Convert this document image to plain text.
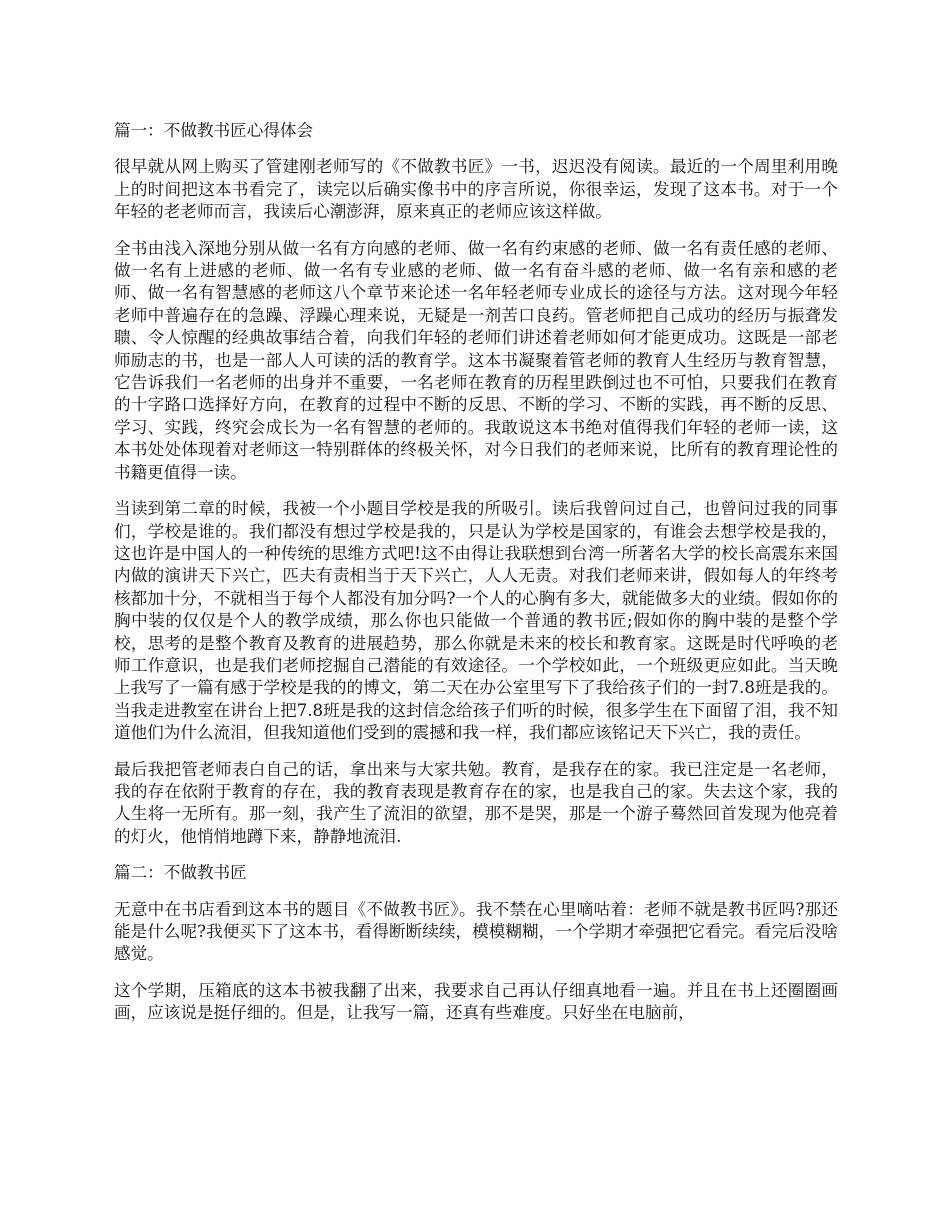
篇一：不做教书匠心得体会

很早就从网上购买了管建刚老师写的《不做教书匠》一书，迟迟没有阅读。最近的一个周里利用晚上的时间把这本书看完了，读完以后确实像书中的序言所说，你很幸运，发现了这本书。对于一个年轻的老老师而言，我读后心潮澎湃，原来真正的老师应该这样做。

全书由浅入深地分别从做一名有方向感的老师、做一名有约束感的老师、做一名有责任感的老师、做一名有上进感的老师、做一名有专业感的老师、做一名有奋斗感的老师、做一名有亲和感的老师、做一名有智慧感的老师这八个章节来论述一名年轻老师专业成长的途径与方法。这对现今年轻老师中普遍存在的急躁、浮躁心理来说，无疑是一剂苦口良药。管老师把自己成功的经历与振聋发聩、令人惊醒的经典故事结合着，向我们年轻的老师们讲述着老师如何才能更成功。这既是一部老师励志的书，也是一部人人可读的活的教育学。这本书凝聚着管老师的教育人生经历与教育智慧，它告诉我们一名老师的出身并不重要，一名老师在教育的历程里跌倒过也不可怕，只要我们在教育的十字路口选择好方向，在教育的过程中不断的反思、不断的学习、不断的实践，再不断的反思、学习、实践，终究会成长为一名有智慧的老师的。我敢说这本书绝对值得我们年轻的老师一读，这本书处处体现着对老师这一特别群体的终极关怀，对今日我们的老师来说，比所有的教育理论性的书籍更值得一读。

当读到第二章的时候，我被一个小题目学校是我的所吸引。读后我曾问过自己，也曾问过我的同事们，学校是谁的。我们都没有想过学校是我的，只是认为学校是国家的，有谁会去想学校是我的，这也许是中国人的一种传统的思维方式吧!这不由得让我联想到台湾一所著名大学的校长高震东来国内做的演讲天下兴亡，匹夫有责相当于天下兴亡，人人无责。对我们老师来讲，假如每人的年终考核都加十分，不就相当于每个人都没有加分吗?一个人的心胸有多大，就能做多大的业绩。假如你的胸中装的仅仅是个人的教学成绩，那么你也只能做一个普通的教书匠;假如你的胸中装的是整个学校，思考的是整个教育及教育的进展趋势，那么你就是未来的校长和教育家。这既是时代呼唤的老师工作意识，也是我们老师挖掘自己潜能的有效途径。一个学校如此，一个班级更应如此。当天晚上我写了一篇有感于学校是我的的博文，第二天在办公室里写下了我给孩子们的一封7.8班是我的。当我走进教室在讲台上把7.8班是我的这封信念给孩子们听的时候，很多学生在下面留了泪，我不知道他们为什么流泪，但我知道他们受到的震撼和我一样，我们都应该铭记天下兴亡，我的责任。

最后我把管老师表白自己的话，拿出来与大家共勉。教育，是我存在的家。我已注定是一名老师，我的存在依附于教育的存在，我的教育表现是教育存在的家，也是我自己的家。失去这个家，我的人生将一无所有。那一刻，我产生了流泪的欲望，那不是哭，那是一个游子蓦然回首发现为他亮着的灯火，他悄悄地蹲下来，静静地流泪.

篇二：不做教书匠

无意中在书店看到这本书的题目《不做教书匠》。我不禁在心里嘀咕着：老师不就是教书匠吗?那还能是什么呢?我便买下了这本书，看得断断续续，模模糊糊，一个学期才牵强把它看完。看完后没啥感觉。

这个学期，压箱底的这本书被我翻了出来，我要求自己再认仔细真地看一遍。并且在书上还圈圈画画，应该说是挺仔细的。但是，让我写一篇，还真有些难度。只好坐在电脑前，
